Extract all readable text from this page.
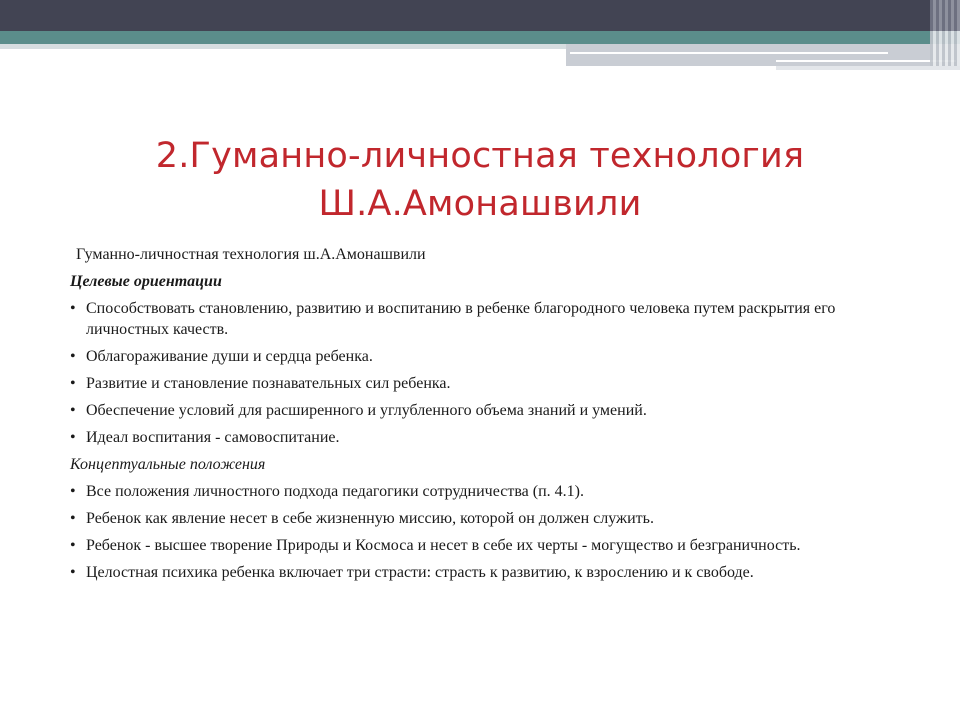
2.Гуманно-личностная технология
Ш.А.Амонашвили
Гуманно-личностная технология ш.А.Амонашвили
Целевые ориентации
• Способствовать становлению, развитию и воспитанию в ребенке благородного человека путем раскрытия его личностных качеств.
• Облагораживание души и сердца ребенка.
• Развитие и становление познавательных сил ребенка.
• Обеспечение условий для расширенного и углубленного объема знаний и умений.
• Идеал воспитания - самовоспитание.
Концептуальные положения
• Все положения личностного подхода педагогики сотрудничества (п. 4.1).
• Ребенок как явление несет в себе жизненную миссию, которой он должен служить.
• Ребенок - высшее творение Природы и Космоса и несет в себе их черты - могущество и безграничность.
• Целостная психика ребенка включает три страсти: страсть к развитию, к взрослению и к свободе.
